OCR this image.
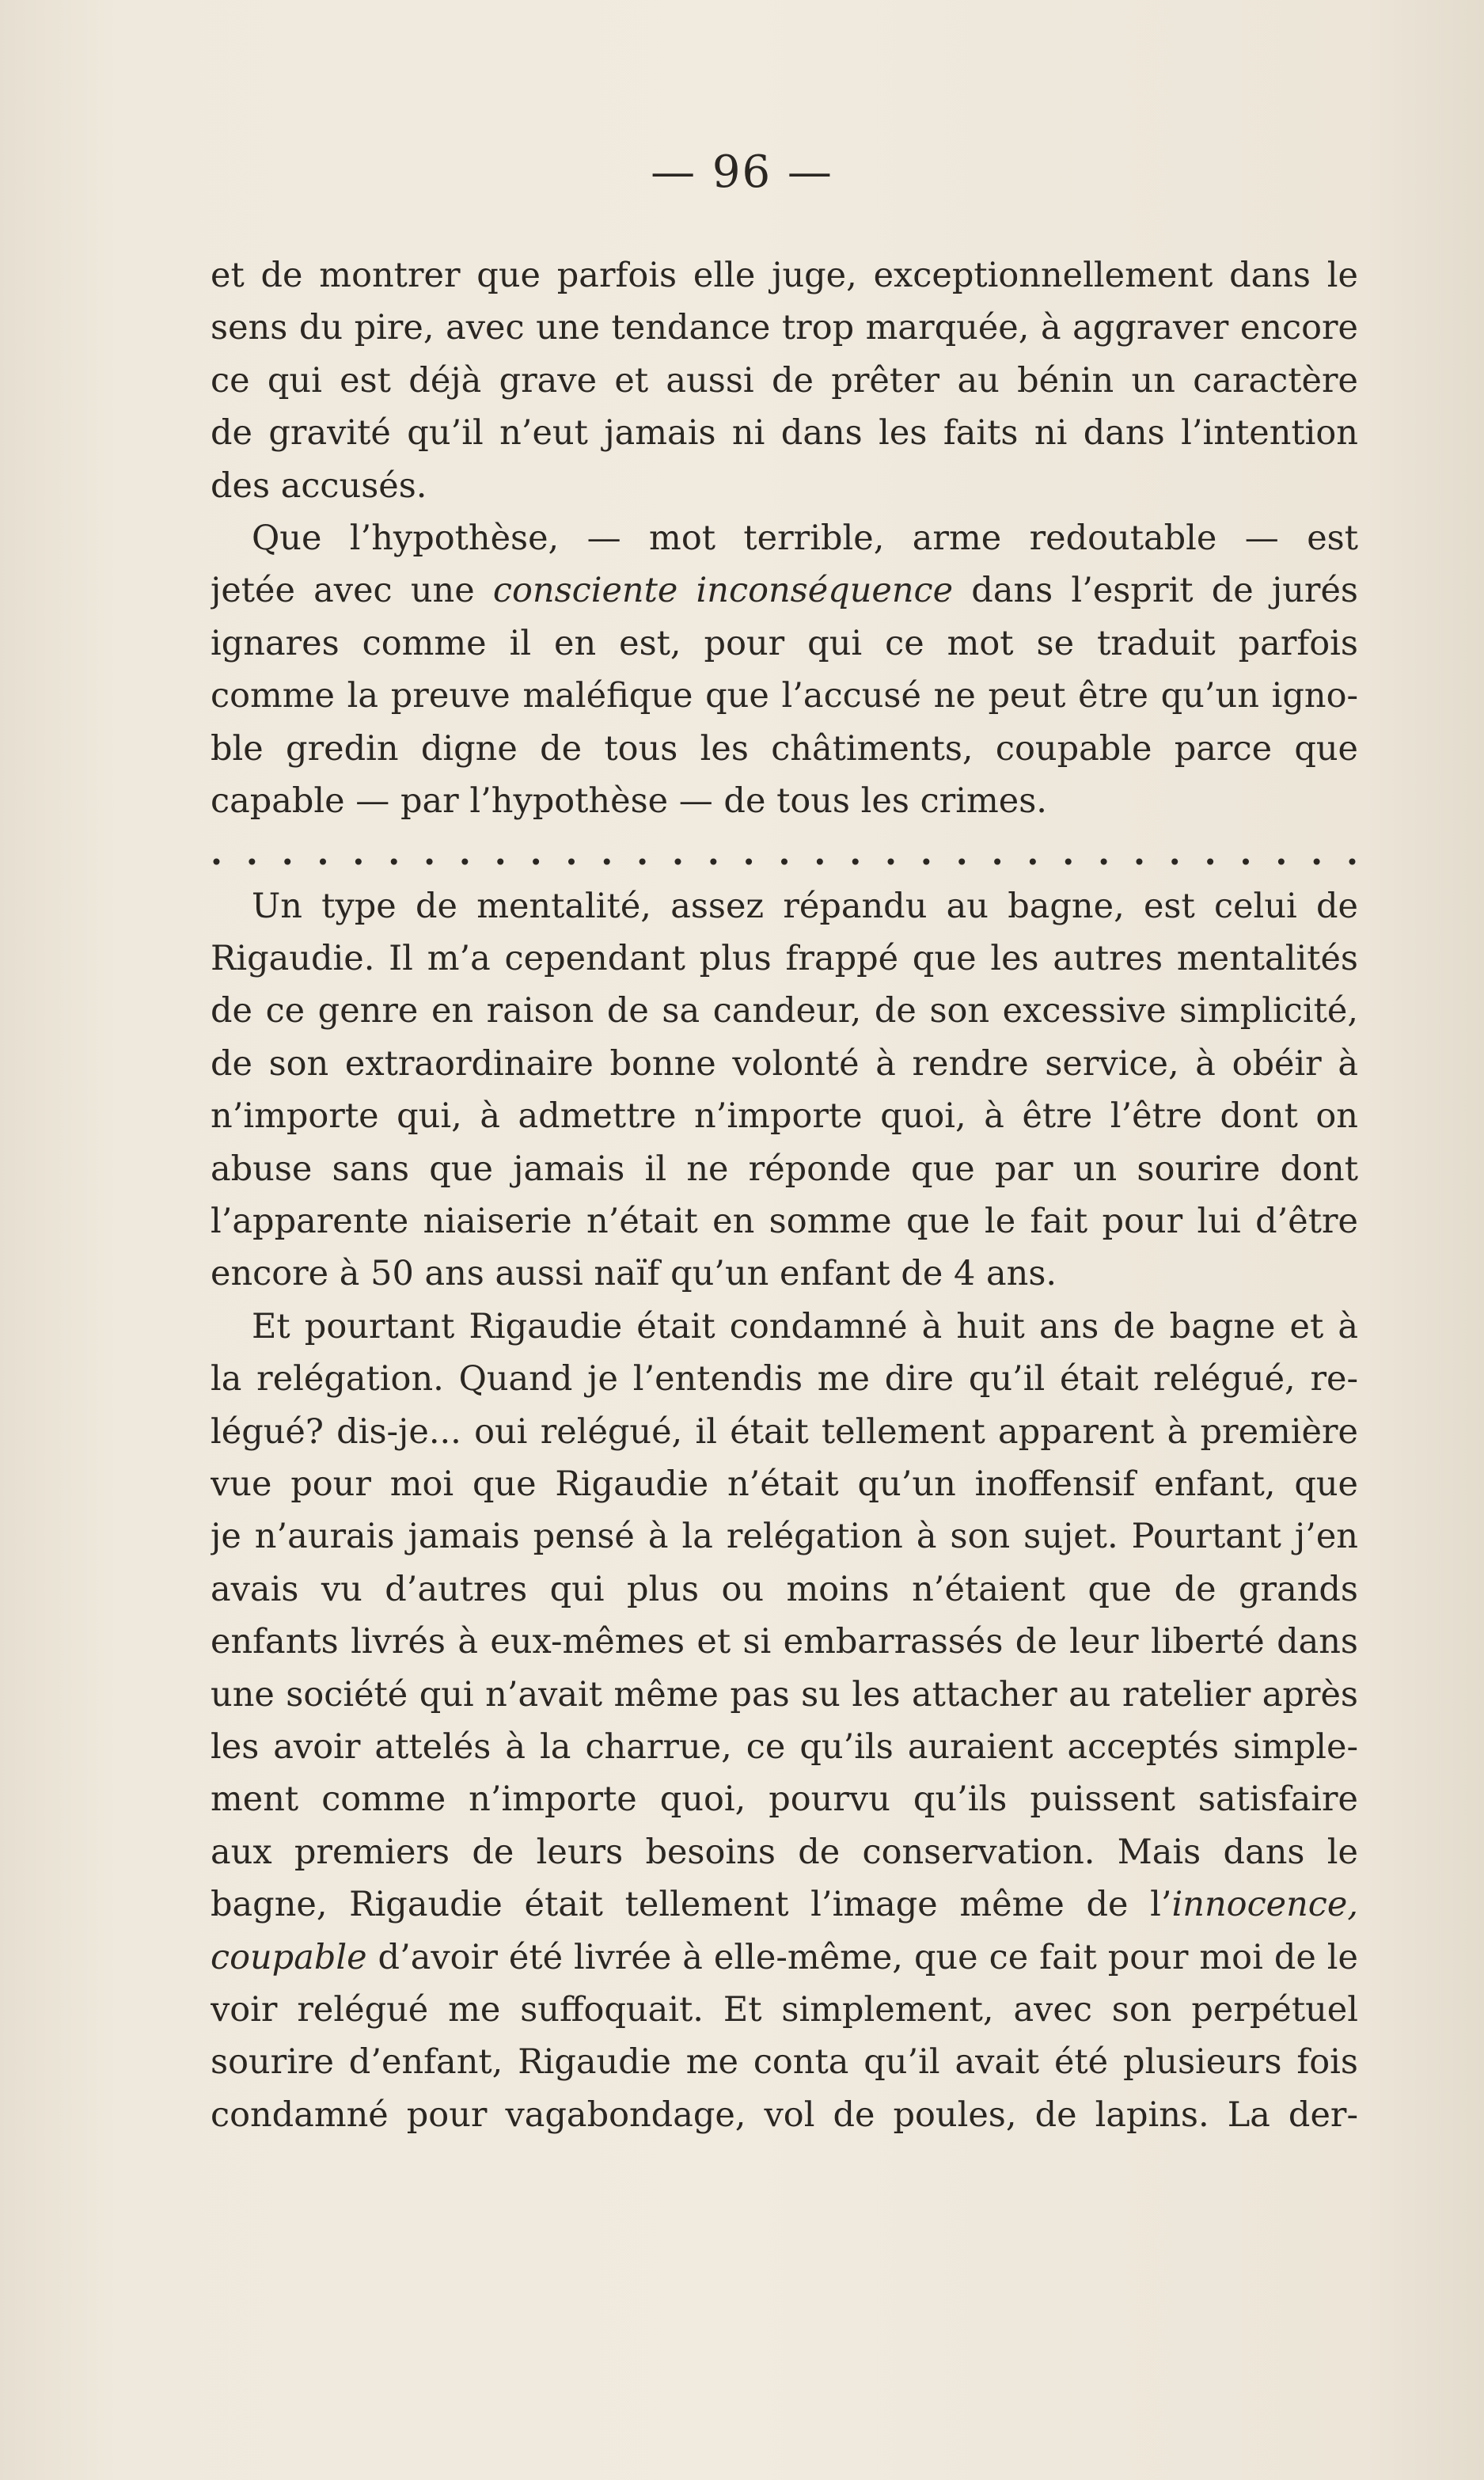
— 96 —
et de montrer que parfois elle juge, exceptionnellement dans le
sens du pire, avec une tendance trop marquée, à aggraver encore
ce qui est déjà grave et aussi de prêter au bénin un caractère
de gravité qu’il n’eut jamais ni dans les faits ni dans l’intention
des accusés.
Que l’hypothèse, — mot terrible, arme redoutable — est
jetée avec une consciente inconséquence dans l’esprit de jurés
ignares comme il en est, pour qui ce mot se traduit parfois
comme la preuve maléfique que l’accusé ne peut être qu’un igno-
ble gredin digne de tous les châtiments, coupable parce que
capable — par l’hypothèse — de tous les crimes.
. . . . . . . . . . . . . . . . . . . . . . . . . . . . . . . . .
Un type de mentalité, assez répandu au bagne, est celui de
Rigaudie. Il m’a cependant plus frappé que les autres mentalités
de ce genre en raison de sa candeur, de son excessive simplicité,
de son extraordinaire bonne volonté à rendre service, à obéir à
n’importe qui, à admettre n’importe quoi, à être l’être dont on
abuse sans que jamais il ne réponde que par un sourire dont
l’apparente niaiserie n’était en somme que le fait pour lui d’être
encore à 50 ans aussi naïf qu’un enfant de 4 ans.
Et pourtant Rigaudie était condamné à huit ans de bagne et à
la relégation. Quand je l’entendis me dire qu’il était relégué, re-
légué? dis-je... oui relégué, il était tellement apparent à première
vue pour moi que Rigaudie n’était qu’un inoffensif enfant, que
je n’aurais jamais pensé à la relégation à son sujet. Pourtant j’en
avais vu d’autres qui plus ou moins n’étaient que de grands
enfants livrés à eux-mêmes et si embarrassés de leur liberté dans
une société qui n’avait même pas su les attacher au ratelier après
les avoir attelés à la charrue, ce qu’ils auraient acceptés simple-
ment comme n’importe quoi, pourvu qu’ils puissent satisfaire
aux premiers de leurs besoins de conservation. Mais dans le
bagne, Rigaudie était tellement l’image même de l’innocence,
coupable d’avoir été livrée à elle-même, que ce fait pour moi de le
voir relégué me suffoquait. Et simplement, avec son perpétuel
sourire d’enfant, Rigaudie me conta qu’il avait été plusieurs fois
condamné pour vagabondage, vol de poules, de lapins. La der-
